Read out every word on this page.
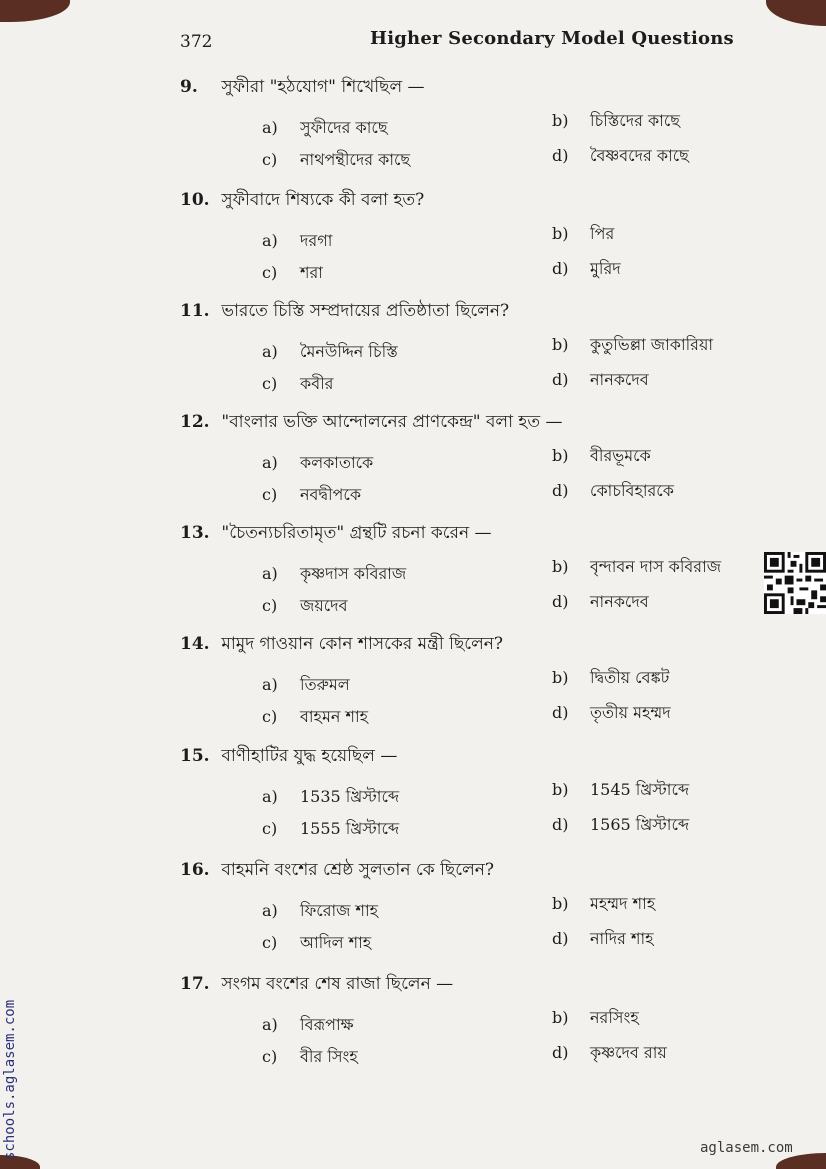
372	Higher Secondary Model Questions
9. সুফীরা "হঠযোগ" শিখেছিল —
a) সুফীদের কাছে	b) চিস্তিদের কাছে
c) নাথপন্থীদের কাছে	d) বৈষ্ণবদের কাছে
10. সুফীবাদে শিষ্যকে কী বলা হত?
a) দরগা	b) পির
c) শরা	d) মুরিদ
11. ভারতে চিস্তি সম্প্রদায়ের প্রতিষ্ঠাতা ছিলেন?
a) মৈনউদ্দিন চিস্তি	b) কুতুভিল্লা জাকারিয়া
c) কবীর	d) নানকদেব
12. "বাংলার ভক্তি আন্দোলনের প্রাণকেন্দ্র" বলা হত —
a) কলকাতাকে	b) বীরভূমকে
c) নবদ্বীপকে	d) কোচবিহারকে
13. "চৈতন্যচরিতামৃত" গ্রন্থটি রচনা করেন —
a) কৃষ্ণদাস কবিরাজ	b) বৃন্দাবন দাস কবিরাজ
c) জয়দেব	d) নানকদেব
14. মামুদ গাওয়ান কোন শাসকের মন্ত্রী ছিলেন?
a) তিরুমল	b) দ্বিতীয় বেঙ্কট
c) বাহমন শাহ	d) তৃতীয় মহম্মদ
15. বাণীহাটির যুদ্ধ হয়েছিল —
a) 1535 খ্রিস্টাব্দে	b) 1545 খ্রিস্টাব্দে
c) 1555 খ্রিস্টাব্দে	d) 1565 খ্রিস্টাব্দে
16. বাহমনি বংশের শ্রেষ্ঠ সুলতান কে ছিলেন?
a) ফিরোজ শাহ	b) মহম্মদ শাহ
c) আদিল শাহ	d) নাদির শাহ
17. সংগম বংশের শেষ রাজা ছিলেন —
a) বিরূপাক্ষ	b) নরসিংহ
c) বীর সিংহ	d) কৃষ্ণদেব রায়
schools.aglasem.com	aglasem.com
